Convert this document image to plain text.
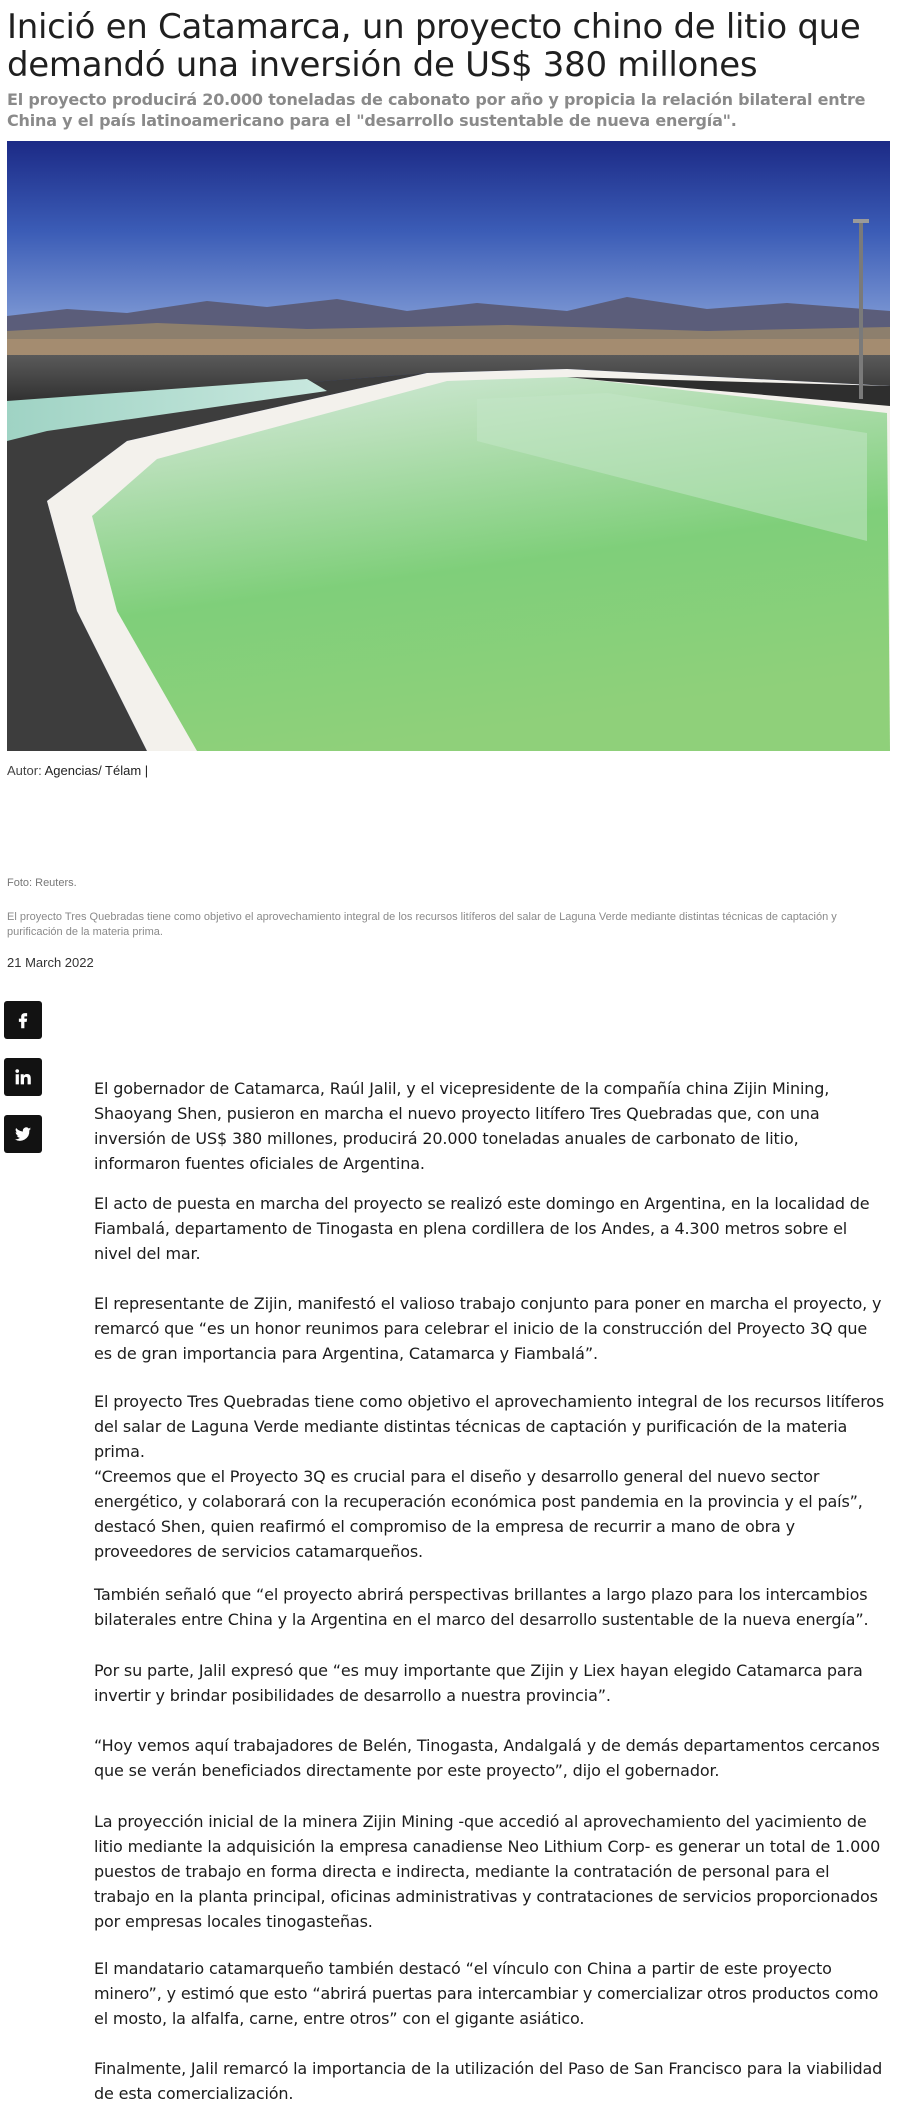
Inició en Catamarca, un proyecto chino de litio que demandó una inversión de US$ 380 millones
El proyecto producirá 20.000 toneladas de cabonato por año y propicia la relación bilateral entre China y el país latinoamericano para el "desarrollo sustentable de nueva energía".
Autor: Agencias/ Télam |
Foto: Reuters.
El proyecto Tres Quebradas tiene como objetivo el aprovechamiento integral de los recursos litíferos del salar de Laguna Verde mediante distintas técnicas de captación y purificación de la materia prima.
21 March 2022

El gobernador de Catamarca, Raúl Jalil, y el vicepresidente de la compañía china Zijin Mining, Shaoyang Shen, pusieron en marcha el nuevo proyecto litífero Tres Quebradas que, con una inversión de US$ 380 millones, producirá 20.000 toneladas anuales de carbonato de litio, informaron fuentes oficiales de Argentina.

El acto de puesta en marcha del proyecto se realizó este domingo en Argentina, en la localidad de Fiambalá, departamento de Tinogasta en plena cordillera de los Andes, a 4.300 metros sobre el nivel del mar.

El representante de Zijin, manifestó el valioso trabajo conjunto para poner en marcha el proyecto, y remarcó que “es un honor reunimos para celebrar el inicio de la construcción del Proyecto 3Q que es de gran importancia para Argentina, Catamarca y Fiambalá”.

El proyecto Tres Quebradas tiene como objetivo el aprovechamiento integral de los recursos litíferos del salar de Laguna Verde mediante distintas técnicas de captación y purificación de la materia prima.

“Creemos que el Proyecto 3Q es crucial para el diseño y desarrollo general del nuevo sector energético, y colaborará con la recuperación económica post pandemia en la provincia y el país”, destacó Shen, quien reafirmó el compromiso de la empresa de recurrir a mano de obra y proveedores de servicios catamarqueños.

También señaló que “el proyecto abrirá perspectivas brillantes a largo plazo para los intercambios bilaterales entre China y la Argentina en el marco del desarrollo sustentable de la nueva energía”.

Por su parte, Jalil expresó que “es muy importante que Zijin y Liex hayan elegido Catamarca para invertir y brindar posibilidades de desarrollo a nuestra provincia”.

“Hoy vemos aquí trabajadores de Belén, Tinogasta, Andalgalá y de demás departamentos cercanos que se verán beneficiados directamente por este proyecto”, dijo el gobernador.

La proyección inicial de la minera Zijin Mining -que accedió al aprovechamiento del yacimiento de litio mediante la adquisición la empresa canadiense Neo Lithium Corp- es generar un total de 1.000 puestos de trabajo en forma directa e indirecta, mediante la contratación de personal para el trabajo en la planta principal, oficinas administrativas y contrataciones de servicios proporcionados por empresas locales tinogasteñas.

El mandatario catamarqueño también destacó “el vínculo con China a partir de este proyecto minero”, y estimó que esto “abrirá puertas para intercambiar y comercializar otros productos como el mosto, la alfalfa, carne, entre otros” con el gigante asiático.

Finalmente, Jalil remarcó la importancia de la utilización del Paso de San Francisco para la viabilidad de esta comercialización.
